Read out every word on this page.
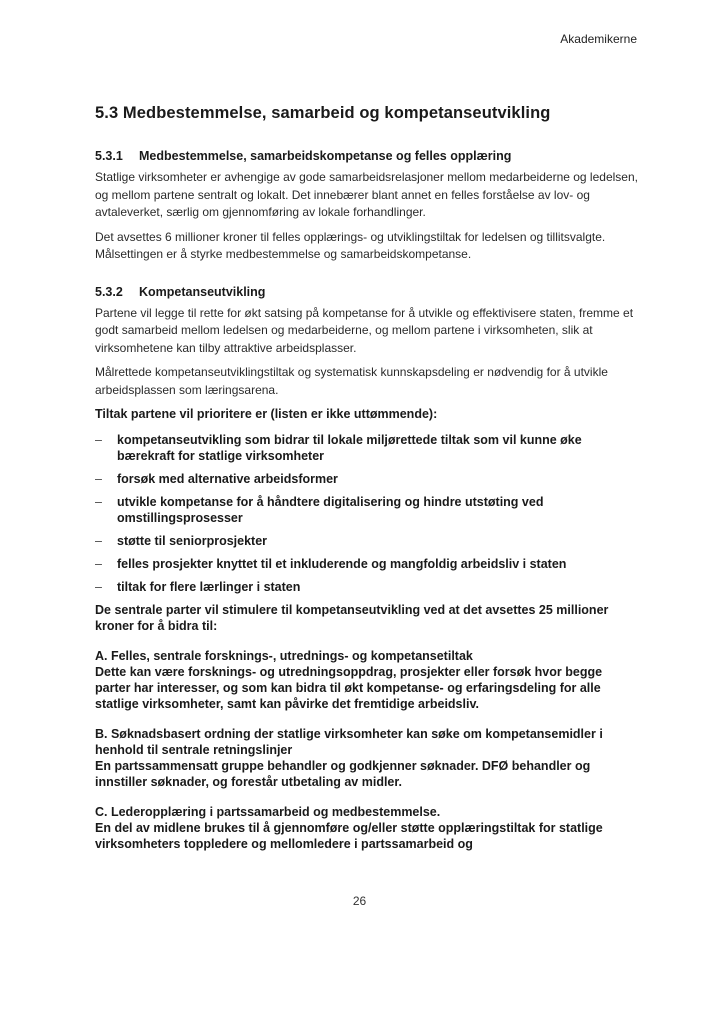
Akademikerne
5.3 Medbestemmelse, samarbeid og kompetanseutvikling
5.3.1 Medbestemmelse, samarbeidskompetanse og felles opplæring

Statlige virksomheter er avhengige av gode samarbeidsrelasjoner mellom medarbeiderne og ledelsen, og mellom partene sentralt og lokalt. Det innebærer blant annet en felles forståelse av lov- og avtaleverket, særlig om gjennomføring av lokale forhandlinger.

Det avsettes 6 millioner kroner til felles opplærings- og utviklingstiltak for ledelsen og tillitsvalgte. Målsettingen er å styrke medbestemmelse og samarbeidskompetanse.

5.3.2 Kompetanseutvikling

Partene vil legge til rette for økt satsing på kompetanse for å utvikle og effektivisere staten, fremme et godt samarbeid mellom ledelsen og medarbeiderne, og mellom partene i virksomheten, slik at virksomhetene kan tilby attraktive arbeidsplasser.

Målrettede kompetanseutviklingstiltak og systematisk kunnskapsdeling er nødvendig for å utvikle arbeidsplassen som læringsarena.

Tiltak partene vil prioritere er (listen er ikke uttømmende):
– kompetanseutvikling som bidrar til lokale miljørettede tiltak som vil kunne øke bærekraft for statlige virksomheter
– forsøk med alternative arbeidsformer
– utvikle kompetanse for å håndtere digitalisering og hindre utstøting ved omstillingsprosesser
– støtte til seniorprosjekter
– felles prosjekter knyttet til et inkluderende og mangfoldig arbeidsliv i staten
– tiltak for flere lærlinger i staten

De sentrale parter vil stimulere til kompetanseutvikling ved at det avsettes 25 millioner kroner for å bidra til:

A. Felles, sentrale forsknings-, utrednings- og kompetansetiltak

Dette kan være forsknings- og utredningsoppdrag, prosjekter eller forsøk hvor begge parter har interesser, og som kan bidra til økt kompetanse- og erfaringsdeling for alle statlige virksomheter, samt kan påvirke det fremtidige arbeidsliv.

B. Søknadsbasert ordning der statlige virksomheter kan søke om kompetansemidler i henhold til sentrale retningslinjer

En partssammensatt gruppe behandler og godkjenner søknader. DFØ behandler og innstiller søknader, og forestår utbetaling av midler.

C. Lederopplæring i partssamarbeid og medbestemmelse.

En del av midlene brukes til å gjennomføre og/eller støtte opplæringstiltak for statlige virksomheters toppledere og mellomledere i partssamarbeid og

26
